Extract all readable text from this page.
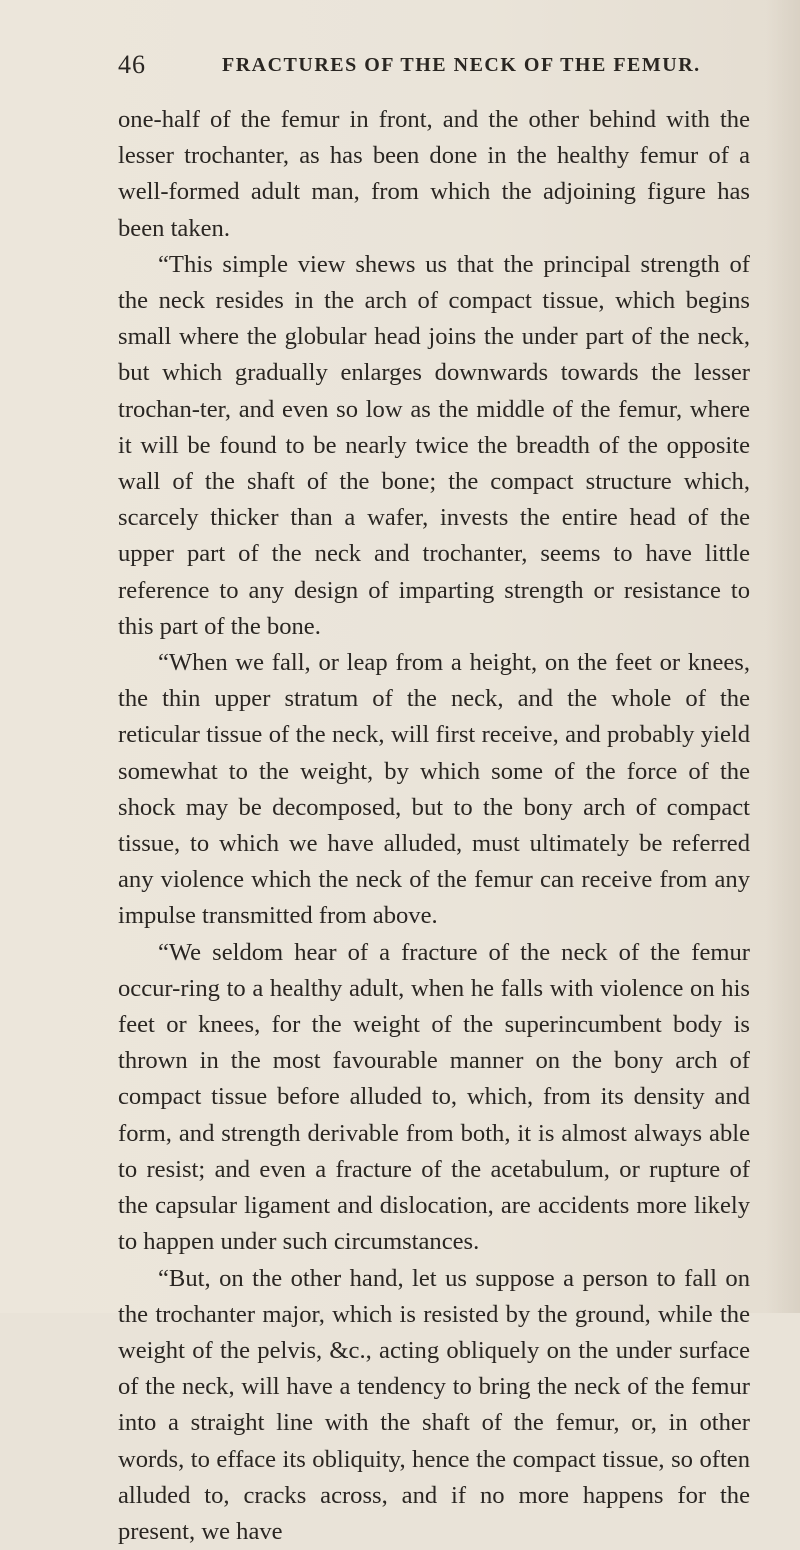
46	FRACTURES OF THE NECK OF THE FEMUR.

one-half of the femur in front, and the other behind with the lesser trochanter, as has been done in the healthy femur of a well-formed adult man, from which the adjoining figure has been taken.

“This simple view shews us that the principal strength of the neck resides in the arch of compact tissue, which begins small where the globular head joins the under part of the neck, but which gradually enlarges downwards towards the lesser trochan-ter, and even so low as the middle of the femur, where it will be found to be nearly twice the breadth of the opposite wall of the shaft of the bone; the compact structure which, scarcely thicker than a wafer, invests the entire head of the upper part of the neck and trochanter, seems to have little reference to any design of imparting strength or resistance to this part of the bone.

“When we fall, or leap from a height, on the feet or knees, the thin upper stratum of the neck, and the whole of the reticular tissue of the neck, will first receive, and probably yield somewhat to the weight, by which some of the force of the shock may be decomposed, but to the bony arch of compact tissue, to which we have alluded, must ultimately be referred any violence which the neck of the femur can receive from any impulse transmitted from above.

“We seldom hear of a fracture of the neck of the femur occur-ring to a healthy adult, when he falls with violence on his feet or knees, for the weight of the superincumbent body is thrown in the most favourable manner on the bony arch of compact tissue before alluded to, which, from its density and form, and strength derivable from both, it is almost always able to resist; and even a fracture of the acetabulum, or rupture of the capsular ligament and dislocation, are accidents more likely to happen under such circumstances.

“But, on the other hand, let us suppose a person to fall on the trochanter major, which is resisted by the ground, while the weight of the pelvis, &c., acting obliquely on the under surface of the neck, will have a tendency to bring the neck of the femur into a straight line with the shaft of the femur, or, in other words, to efface its obliquity, hence the compact tissue, so often alluded to, cracks across, and if no more happens for the present, we have
